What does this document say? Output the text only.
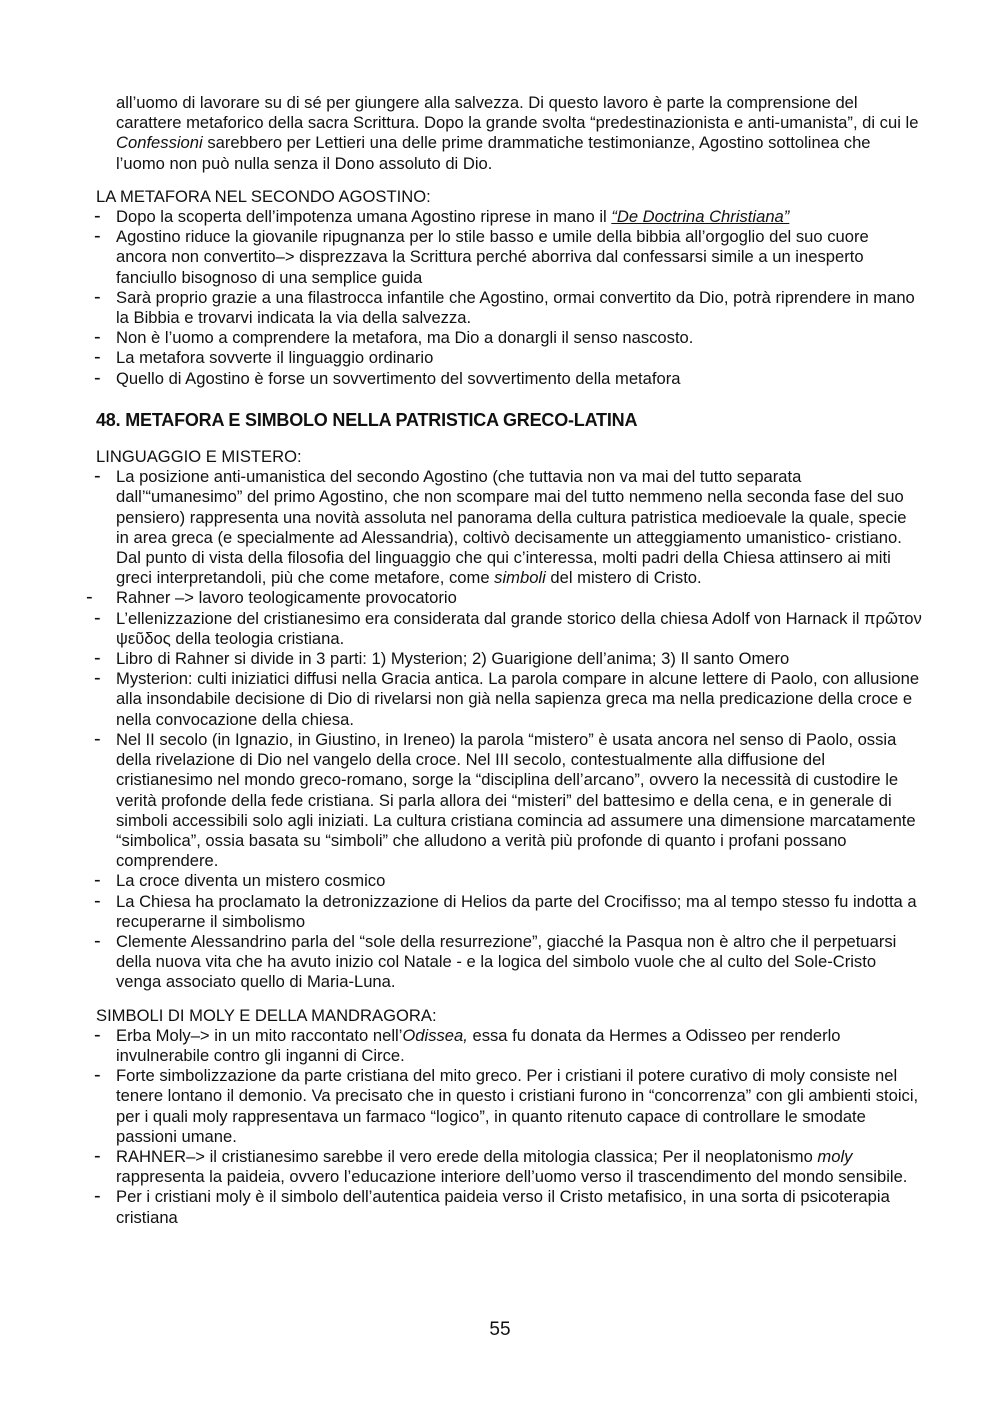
all’uomo di lavorare su di sé per giungere alla salvezza. Di questo lavoro è parte la comprensione del carattere metaforico della sacra Scrittura. Dopo la grande svolta “predestinazionista e anti-umanista”, di cui le Confessioni sarebbero per Lettieri una delle prime drammatiche testimonianze, Agostino sottolinea che l’uomo non può nulla senza il Dono assoluto di Dio.

LA METAFORA NEL SECONDO AGOSTINO:
- Dopo la scoperta dell’impotenza umana Agostino riprese in mano il “De Doctrina Christiana”
- Agostino riduce la giovanile ripugnanza per lo stile basso e umile della bibbia all’orgoglio del suo cuore ancora non convertito–> disprezzava la Scrittura perché aborriva dal confessarsi simile a un inesperto fanciullo bisognoso di una semplice guida
- Sarà proprio grazie a una filastrocca infantile che Agostino, ormai convertito da Dio, potrà riprendere in mano la Bibbia e trovarvi indicata la via della salvezza.
- Non è l’uomo a comprendere la metafora, ma Dio a donargli il senso nascosto.
- La metafora sovverte il linguaggio ordinario
- Quello di Agostino è forse un sovvertimento del sovvertimento della metafora
48. METAFORA E SIMBOLO NELLA PATRISTICA GRECO-LATINA
LINGUAGGIO E MISTERO:
- La posizione anti-umanistica del secondo Agostino (che tuttavia non va mai del tutto separata dall’“umanesimo” del primo Agostino, che non scompare mai del tutto nemmeno nella seconda fase del suo pensiero) rappresenta una novità assoluta nel panorama della cultura patristica medioevale la quale, specie in area greca (e specialmente ad Alessandria), coltivò decisamente un atteggiamento umanistico- cristiano. Dal punto di vista della filosofia del linguaggio che qui c’interessa, molti padri della Chiesa attinsero ai miti greci interpretandoli, più che come metafore, come simboli del mistero di Cristo.
- Rahner –> lavoro teologicamente provocatorio
- L’ellenizzazione del cristianesimo era considerata dal grande storico della chiesa Adolf von Harnack il πρῶτον ψεῦδος della teologia cristiana.
- Libro di Rahner si divide in 3 parti: 1) Mysterion; 2) Guarigione dell’anima; 3) Il santo Omero
- Mysterion: culti iniziatici diffusi nella Gracia antica. La parola compare in alcune lettere di Paolo, con allusione alla insondabile decisione di Dio di rivelarsi non già nella sapienza greca ma nella predicazione della croce e nella convocazione della chiesa.
- Nel II secolo (in Ignazio, in Giustino, in Ireneo) la parola “mistero” è usata ancora nel senso di Paolo, ossia della rivelazione di Dio nel vangelo della croce. Nel III secolo, contestualmente alla diffusione del cristianesimo nel mondo greco-romano, sorge la “disciplina dell’arcano”, ovvero la necessità di custodire le verità profonde della fede cristiana. Si parla allora dei “misteri” del battesimo e della cena, e in generale di simboli accessibili solo agli iniziati. La cultura cristiana comincia ad assumere una dimensione marcatamente “simbolica”, ossia basata su “simboli” che alludono a verità più profonde di quanto i profani possano comprendere.
- La croce diventa un mistero cosmico
- La Chiesa ha proclamato la detronizzazione di Helios da parte del Crocifisso; ma al tempo stesso fu indotta a recuperarne il simbolismo
- Clemente Alessandrino parla del “sole della resurrezione”, giacché la Pasqua non è altro che il perpetuarsi della nuova vita che ha avuto inizio col Natale - e la logica del simbolo vuole che al culto del Sole-Cristo venga associato quello di Maria-Luna.
SIMBOLI DI MOLY E DELLA MANDRAGORA:
- Erba Moly–> in un mito raccontato nell’Odissea, essa fu donata da Hermes a Odisseo per renderlo invulnerabile contro gli inganni di Circe.
- Forte simbolizzazione da parte cristiana del mito greco. Per i cristiani il potere curativo di moly consiste nel tenere lontano il demonio. Va precisato che in questo i cristiani furono in “concorrenza” con gli ambienti stoici, per i quali moly rappresentava un farmaco “logico”, in quanto ritenuto capace di controllare le smodate passioni umane.
- RAHNER–> il cristianesimo sarebbe il vero erede della mitologia classica; Per il neoplatonismo moly rappresenta la paideia, ovvero l’educazione interiore dell’uomo verso il trascendimento del mondo sensibile.
- Per i cristiani moly è il simbolo dell’autentica paideia verso il Cristo metafisico, in una sorta di psicoterapia cristiana
55
